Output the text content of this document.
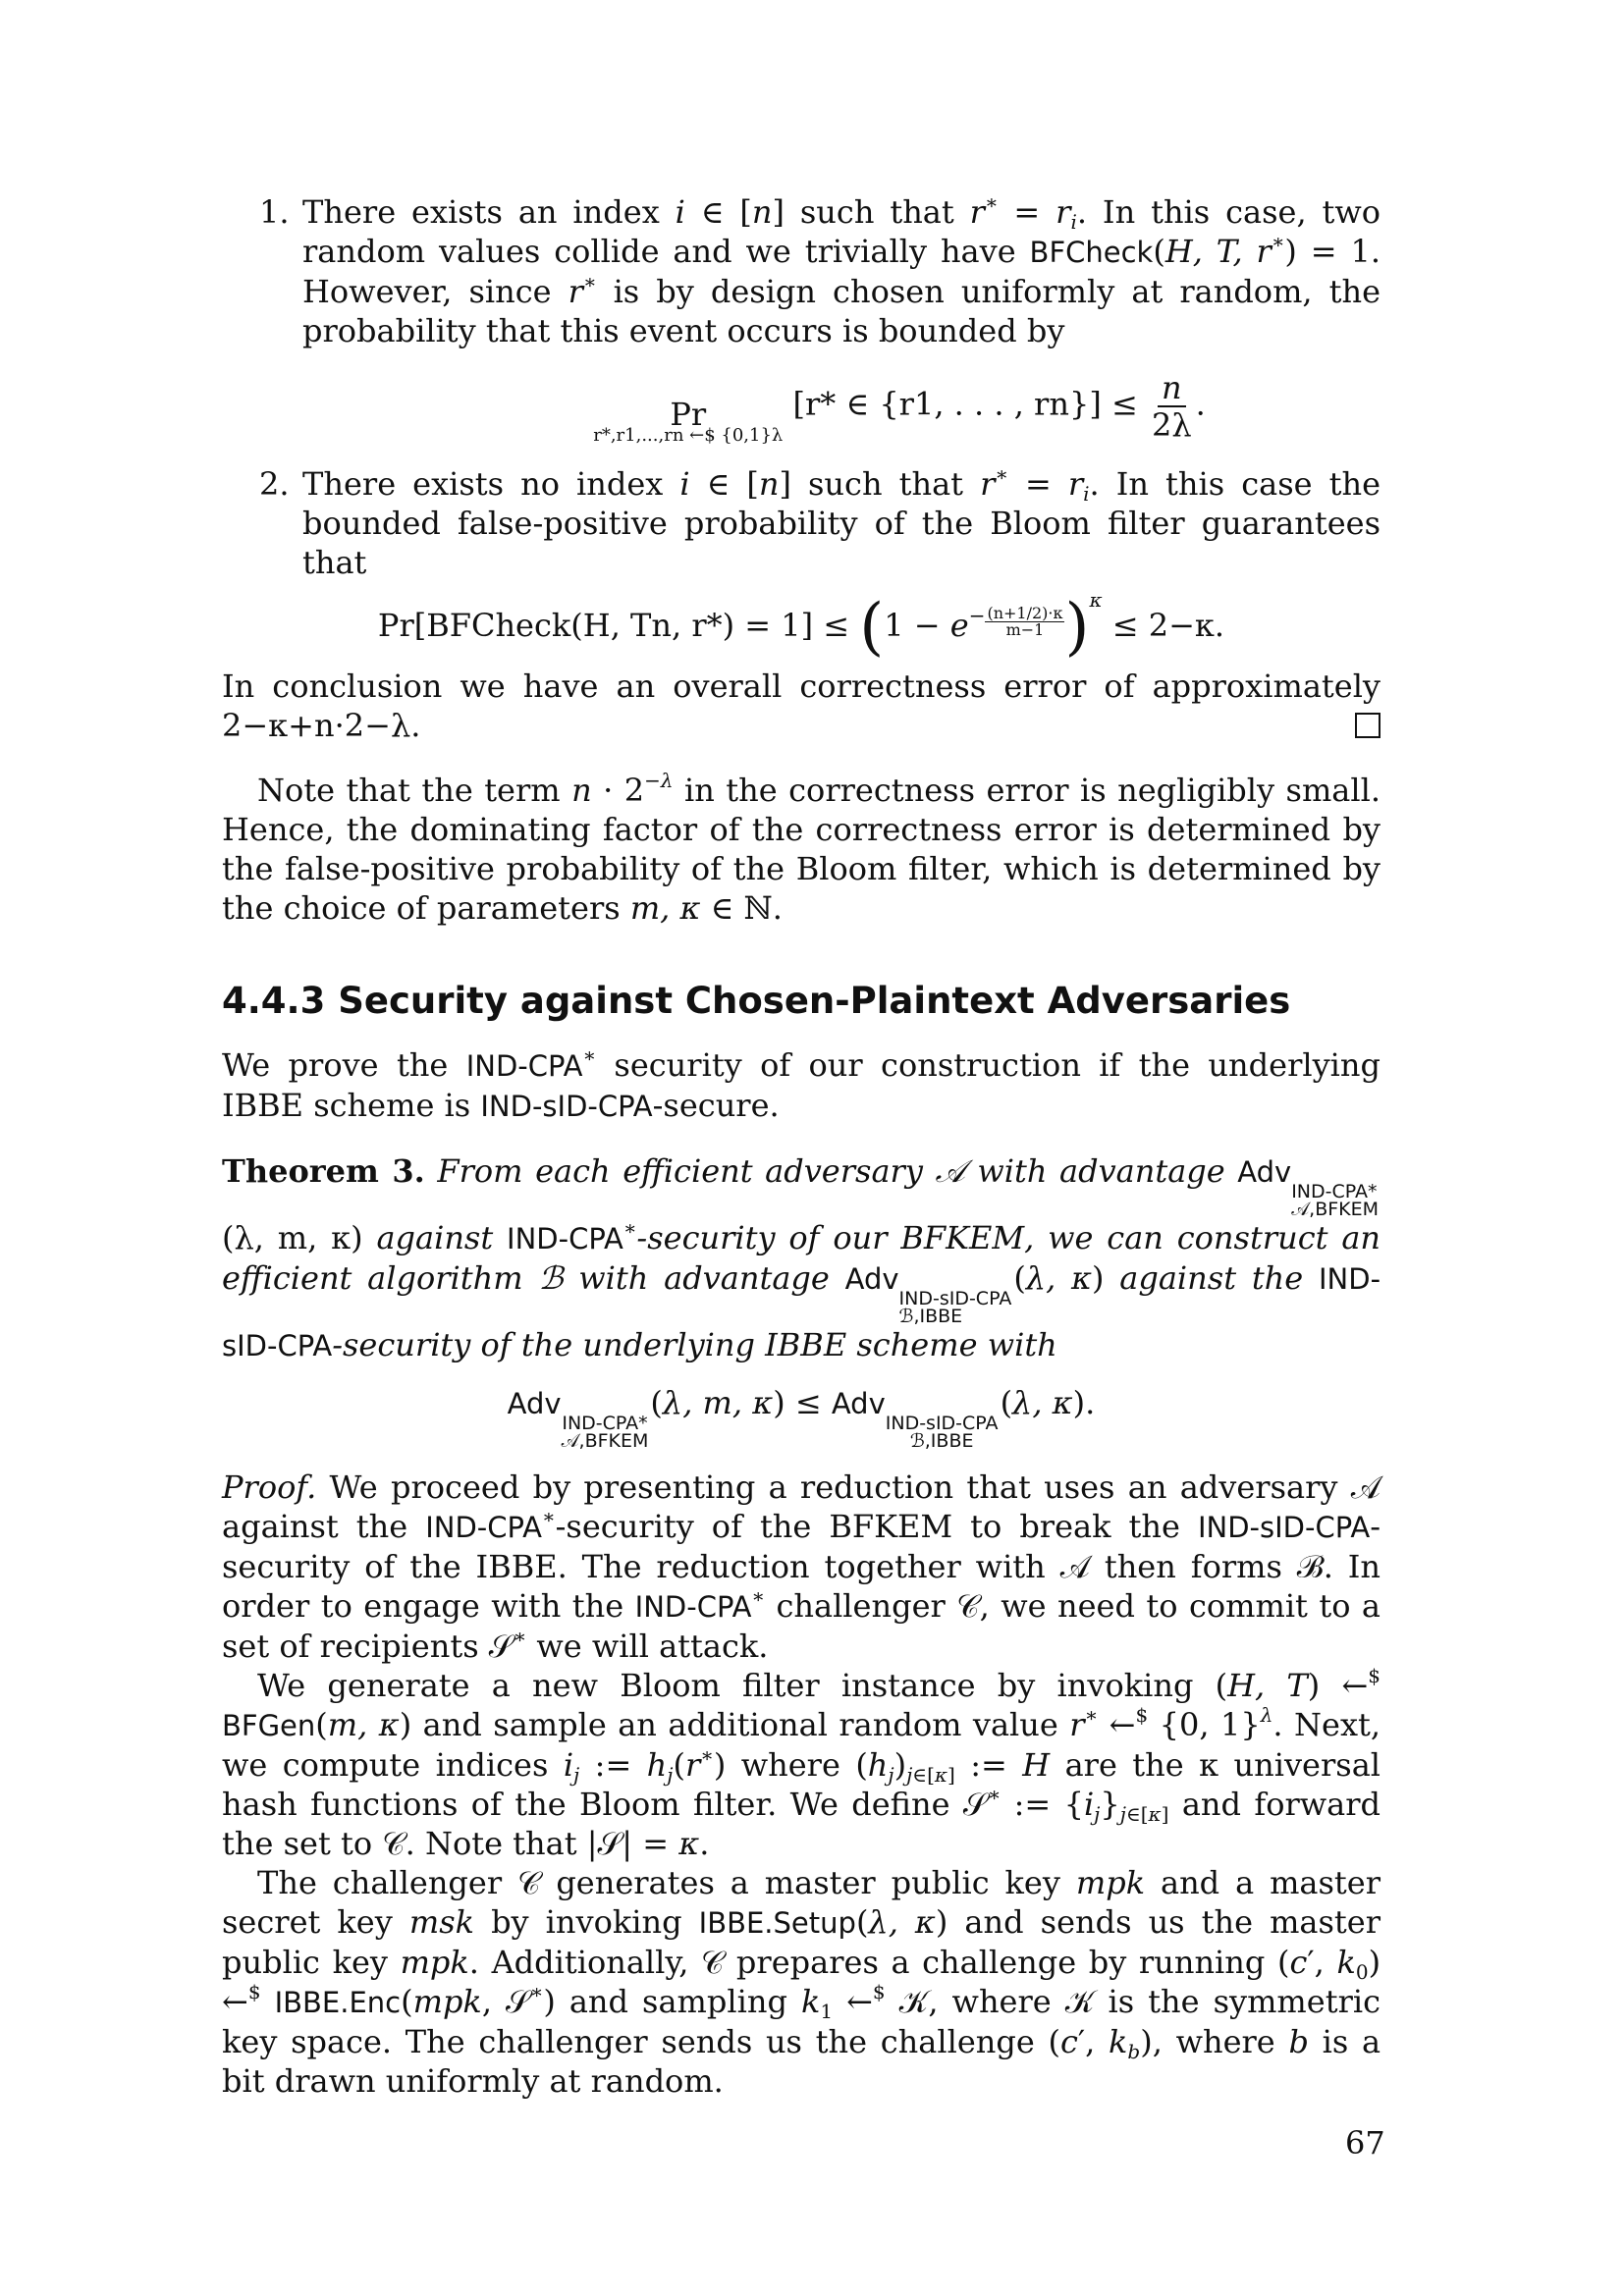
1. There exists an index i ∈ [n] such that $r^∗ = r_i$. In this case, two random values collide and we trivially have BFCheck(H, T, r∗) = 1. However, since r∗ is by design chosen uniformly at random, the probability that this event occurs is bounded by
Pr
r*,r1,...,rn ←$ {0,1}λ
[r* ∈ {r1, . . . , $rn\}] \le \frac{n}{2\lambda}$ .
2. There exists no index i ∈ [n] such that $r^∗ = r_i$. In this case the bounded false-positive probability of the Bloom filter guarantees that
Pr[BFCheck(H, Tn, $r*) = 1] \le (1 - e^- \frac{(n+1/2)\cdot\kappa}{m-1} )^\kappa \le 2-\kappa$.

In conclusion we have an overall correctness error of approximately 2−κ+n·2−λ.

Note that the term $n \cdot 2^{-\lambda}$ in the correctness error is negligibly small. Hence, the dominating factor of the correctness error is determined by the false-positive probability of the Bloom filter, which is determined by the choice of parameters m, κ ∈ ℕ.

4.4.3 Security against Chosen-Plaintext Adversaries

We prove the IND-CPA∗ security of our construction if the underlying IBBE scheme is IND-sID-CPA-secure.

Theorem 3. From each efficient adversary 𝒜 with advantage Adv
IND-CPA*
𝒜,BFKEM
(λ, m, κ) against IND-CPA∗-security of our BFKEM, we can construct an efficient algorithm ℬ with advantage Adv
IND-sID-CPA
ℬ,IBBE
(λ, κ) against the IND-sID-CPA-security of the underlying IBBE scheme with

Adv
IND-CPA*
𝒜,BFKEM
(λ, m, κ) ≤ Adv
IND-sID-CPA
ℬ,IBBE
(λ, κ).

Proof. We proceed by presenting a reduction that uses an adversary 𝒜 against the IND-CPA∗-security of the BFKEM to break the IND-sID-CPA-security of the IBBE. The reduction together with 𝒜 then forms ℬ. In order to engage with the IND-CPA∗ challenger 𝒞, we need to commit to a set of recipients 𝒮∗ we will attack.

We generate a new Bloom filter instance by invoking (H, T) ←$ BFGen(m, κ) and sample an additional random value r∗ ←$ {0, 1}$^\lambda$. Next, we compute indices $i_j$ := $h_j(r^∗)$ where $(h_j)_{j\in[\kappa]}$ := H are the κ universal hash functions of the Bloom filter. We define 𝒮∗ := $\{i_j\}_{j\in[\kappa]}$ and forward the set to 𝒞. Note that |𝒮| = κ.

The challenger 𝒞 generates a master public key mpk and a master secret key msk by invoking IBBE.Setup(λ, κ) and sends us the master public key mpk. Additionally, 𝒞 prepares a challenge by running (c′, $k_0$) ←$ IBBE.Enc(mpk, 𝒮∗) and sampling $k_1$ ←$ 𝒦, where 𝒦 is the symmetric key space. The challenger sends us the challenge (c′, $k_b$), where b is a bit drawn uniformly at random.

67
